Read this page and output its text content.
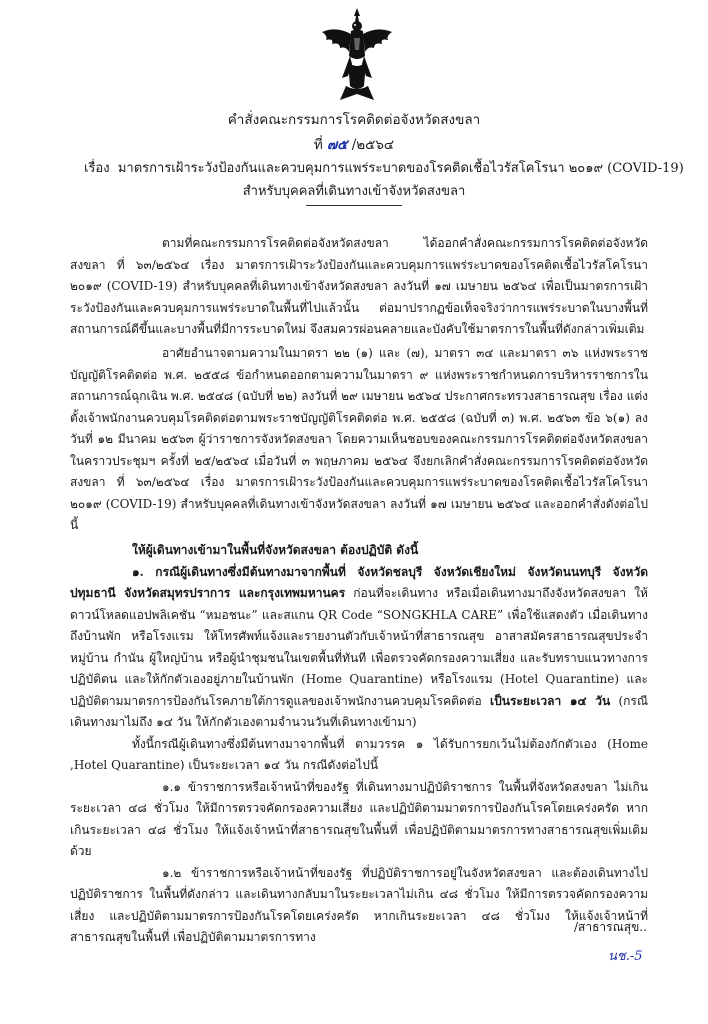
คำสั่งคณะกรรมการโรคติดต่อจังหวัดสงขลา
ที่ ๗๕ /๒๕๖๔
เรื่อง มาตรการเฝ้าระวังป้องกันและควบคุมการแพร่ระบาดของโรคติดเชื้อไวรัสโคโรนา ๒๐๑๙ (COVID-19)
สำหรับบุคคลที่เดินทางเข้าจังหวัดสงขลา

ตามที่คณะกรรมการโรคติดต่อจังหวัดสงขลา ได้ออกคำสั่งคณะกรรมการโรคติดต่อจังหวัดสงขลา ที่ ๖๓/๒๕๖๔ เรื่อง มาตรการเฝ้าระวังป้องกันและควบคุมการแพร่ระบาดของโรคติดเชื้อไวรัสโคโรนา ๒๐๑๙ (COVID-19) สำหรับบุคคลที่เดินทางเข้าจังหวัดสงขลา ลงวันที่ ๑๗ เมษายน ๒๕๖๔ เพื่อเป็นมาตรการเฝ้าระวังป้องกันและควบคุมการแพร่ระบาดในพื้นที่ไปแล้วนั้น ต่อมาปรากฏข้อเท็จจริงว่าการแพร่ระบาดในบางพื้นที่สถานการณ์ดีขึ้นและบางพื้นที่มีการระบาดใหม่ จึงสมควรผ่อนคลายและบังคับใช้มาตรการในพื้นที่ดังกล่าวเพิ่มเติม

อาศัยอำนาจตามความในมาตรา ๒๒ (๑) และ (๗), มาตรา ๓๔ และมาตรา ๓๖ แห่งพระราชบัญญัติโรคติดต่อ พ.ศ. ๒๕๕๘ ข้อกำหนดออกตามความในมาตรา ๙ แห่งพระราชกำหนดการบริหารราชการในสถานการณ์ฉุกเฉิน พ.ศ. ๒๕๔๘ (ฉบับที่ ๒๒) ลงวันที่ ๒๙ เมษายน ๒๕๖๔ ประกาศกระทรวงสาธารณสุข เรื่อง แต่งตั้งเจ้าพนักงานควบคุมโรคติดต่อตามพระราชบัญญัติโรคติดต่อ พ.ศ. ๒๕๕๘ (ฉบับที่ ๓) พ.ศ. ๒๕๖๓ ข้อ ๖(๑) ลงวันที่ ๑๒ มีนาคม ๒๕๖๓ ผู้ว่าราชการจังหวัดสงขลา โดยความเห็นชอบของคณะกรรมการโรคติดต่อจังหวัดสงขลา ในคราวประชุมฯ ครั้งที่ ๒๕/๒๕๖๔ เมื่อวันที่ ๓ พฤษภาคม ๒๕๖๔ จึงยกเลิกคำสั่งคณะกรรมการโรคติดต่อจังหวัดสงขลา ที่ ๖๓/๒๕๖๔ เรื่อง มาตรการเฝ้าระวังป้องกันและควบคุมการแพร่ระบาดของโรคติดเชื้อไวรัสโคโรนา ๒๐๑๙ (COVID-19) สำหรับบุคคลที่เดินทางเข้าจังหวัดสงขลา ลงวันที่ ๑๗ เมษายน ๒๕๖๔ และออกคำสั่งดังต่อไปนี้

ให้ผู้เดินทางเข้ามาในพื้นที่จังหวัดสงขลา ต้องปฏิบัติ ดังนี้

๑. กรณีผู้เดินทางซึ่งมีต้นทางมาจากพื้นที่ จังหวัดชลบุรี จังหวัดเชียงใหม่ จังหวัดนนทบุรี จังหวัดปทุมธานี จังหวัดสมุทรปราการ และกรุงเทพมหานคร ก่อนที่จะเดินทาง หรือเมื่อเดินทางมาถึงจังหวัดสงขลา ให้ดาวน์โหลดแอปพลิเคชัน “หมอชนะ” และสแกน QR Code “SONGKHLA CARE” เพื่อใช้แสดงตัว เมื่อเดินทางถึงบ้านพัก หรือโรงแรม ให้โทรศัพท์แจ้งและรายงานตัวกับเจ้าหน้าที่สาธารณสุข อาสาสมัครสาธารณสุขประจำหมู่บ้าน กำนัน ผู้ใหญ่บ้าน หรือผู้นำชุมชนในเขตพื้นที่ทันที เพื่อตรวจคัดกรองความเสี่ยง และรับทราบแนวทางการปฏิบัติตน และให้กักตัวเองอยู่ภายในบ้านพัก (Home Quarantine) หรือโรงแรม (Hotel Quarantine) และปฏิบัติตามมาตรการป้องกันโรคภายใต้การดูแลของเจ้าพนักงานควบคุมโรคติดต่อ เป็นระยะเวลา ๑๔ วัน (กรณีเดินทางมาไม่ถึง ๑๔ วัน ให้กักตัวเองตามจำนวนวันที่เดินทางเข้ามา)

ทั้งนี้กรณีผู้เดินทางซึ่งมีต้นทางมาจากพื้นที่ ตามวรรค ๑ ได้รับการยกเว้นไม่ต้องกักตัวเอง (Home ,Hotel Quarantine) เป็นระยะเวลา ๑๔ วัน กรณีดังต่อไปนี้

๑.๑ ข้าราชการหรือเจ้าหน้าที่ของรัฐ ที่เดินทางมาปฏิบัติราชการ ในพื้นที่จังหวัดสงขลา ไม่เกินระยะเวลา ๔๘ ชั่วโมง ให้มีการตรวจคัดกรองความเสี่ยง และปฏิบัติตามมาตรการป้องกันโรคโดยเคร่งครัด หากเกินระยะเวลา ๔๘ ชั่วโมง ให้แจ้งเจ้าหน้าที่สาธารณสุขในพื้นที่ เพื่อปฏิบัติตามมาตรการทางสาธารณสุขเพิ่มเติมด้วย

๑.๒ ข้าราชการหรือเจ้าหน้าที่ของรัฐ ที่ปฏิบัติราชการอยู่ในจังหวัดสงขลา และต้องเดินทางไปปฏิบัติราชการ ในพื้นที่ดังกล่าว และเดินทางกลับมาในระยะเวลาไม่เกิน ๔๘ ชั่วโมง ให้มีการตรวจคัดกรองความเสี่ยง และปฏิบัติตามมาตรการป้องกันโรคโดยเคร่งครัด หากเกินระยะเวลา ๔๘ ชั่วโมง ให้แจ้งเจ้าหน้าที่สาธารณสุขในพื้นที่ เพื่อปฏิบัติตามมาตรการทาง

/สาธารณสุข..
นช.-5
